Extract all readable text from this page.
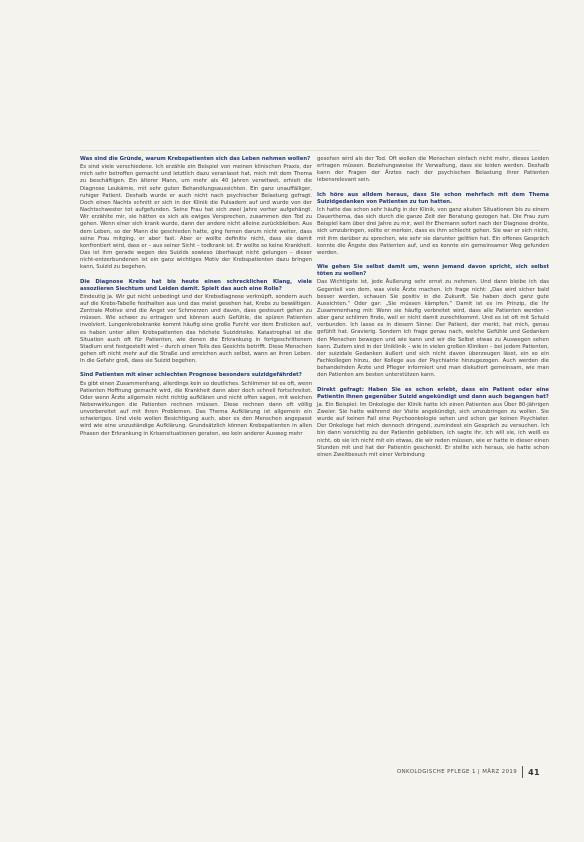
Was sind die Gründe, warum Krebspatienten sich das Leben nehmen wollen?
Es sind viele verschiedene. Ich erzähle ein Beispiel von meinen klinischen Praxis, der mich sehr betroffen gemacht und letztlich dazu veranlasst hat, mich mit dem Thema zu beschäftigen. Ein älterer Mann, um mehr als 40 Jahren verwitwet, erhielt die Diagnose Leukämie, mit sehr guten Behandlungsaussichten. Ein ganz unauffälliger, ruhiger Patient. Deshalb wurde er auch nicht nach psychischer Belastung gefragt. Doch einen Nachts schnitt er sich in der Klinik die Pulsadern auf und wurde von der Nachtschwester tot aufgefunden. Seine Frau hat sich zwei Jahre vorher aufgehängt. Wir erzählte mir, sie hätten es sich als ewiges Versprechen, zusammen den Tod zu gehen. Wenn einer sich krank wurde, dann der andere nicht alleine zurückbleiben. Aus dem Leben, so der Mann die geschieden hatte, ging fernen darum nicht weiter, dass seine Frau mitging, er aber fast. Aber er wollte definitiv nicht, dass sie damit konfrontiert wird, dass er – aus seiner Sicht – todkrank ist. Er wollte so keine Krankheit. Das ist ihm gerade wegen des Suizids sowieso überhaupt nicht gelungen – dieser nicht-entzerbundenen ist ein ganz wichtiges Motiv der Krebspatienten dazu bringen kann, Suizid zu begehen.
Die Diagnose Krebs hat bis heute einen schrecklichen Klang, viele assoziieren Siechtum und Leiden damit. Spielt das auch eine Rolle?
Eindeutig ja. Wir gut nicht unbedingt und der Krebsdiagnose verknüpft, sondern auch auf die Krebs-Tabelle festhalten aus und das meist gesehen hat, Krebs zu bewältigen. Zentrale Motive sind die Angst vor Schmerzen und davon, dass gesteuert gehen zu müssen. Wie schwer zu ertragen und können auch Gefühle, die spüren Patienten involviert. Lungenkrebskranke kommt häufig eine große Furcht vor dem Ersticken auf, es haben unter allen Krebspatienten das höchste Suizidrisiko. Katastrophal ist die Situation auch oft für Patienten, wie denen die Erkrankung in fortgeschrittenem Stadium erst festgestellt wird – durch einen Teils des Gesichts betrifft. Diese Menschen gehen oft nicht mehr auf die Straße und erreichen auch selbst, wann an ihren Leben. In die Gefahr groß, dass sie Suizid begehen.
Sind Patienten mit einer schlechten Prognose besonders suizidgefährdet?
Es gibt einen Zusammenhang, allerdings kein so deutliches. Schlimmer ist es oft, wenn Patienten Hoffnung gemacht wird, die Krankheit dann aber doch schnell fortschreitet. Oder wenn Ärzte allgemein nicht richtig aufklären und nicht offen sagen, mit welchen Nebenwirkungen die Patienten rechnen müssen. Diese rechnen dann oft völlig unvorbereitet auf mit ihren Problemen. Das Thema Aufklärung ist allgemein ein schwieriges. Und viele wollen Besichtigung auch, aber es den Menschen angepasst wird wie eine unzuständige Aufklärung. Grundsätzlich können Krebspatienten in allen Phasen der Erkrankung in Krisensituationen geraten, wo kein anderer Ausweg mehr
gesehen wird als der Tod. Oft wollen die Menschen einfach nicht mehr, dieses Leiden ertragen müssen. Beziehungsweise ihr Verwaltung, dass sie leiden werden. Deshalb kann der Fragen der Ärztes nach der psychischen Belastung ihrer Patienten lebensrelevant sein.
Ich höre aus alldem heraus, dass Sie schon mehrfach mit dem Thema Suizidgedanken von Patienten zu tun hatten.
Ich hatte das schon sehr häufig in der Klinik, von ganz akuten Situationen bis zu einem Dauerthema, das sich durch die ganze Zeit der Beratung gezogen hat. Die Frau zum Beispiel kam über drei Jahre zu mir, weil ihr Ehemann sofort nach der Diagnose drohte, sich umzubringen, sollte er merken, dass es ihm schlecht gehen. Sie war er sich nicht, mit ihm darüber zu sprechen, wie sehr sie darunter gelitten hat. Ein offenes Gespräch konnte die Ängste des Patienten auf, und es konnte ein gemeinsamer Weg gefunden werden.
Wie gehen Sie selbst damit um, wenn jemand davon spricht, sich selbst töten zu wollen?
Das Wichtigste ist, jede Äußerung sehr ernst zu nehmen. Und dann bleibe ich das Gegenteil von dem, was viele Ärzte machen. Ich frage nicht: „Das wird sicher bald besser werden, schauen Sie positiv in die Zukunft. Sie haben doch ganz gute Aussichten.“ Oder gar: „Sie müssen kämpfen.“ Damit ist es im Prinzip, die Ihr Zusammenhang mit: Wenn sie häufig verbreitet wird, dass alle Patienten werden – aber ganz schlimm finde, weil er nicht damit zurechtkommt. Und es ist oft mit Schuld verbunden. Ich lasse es in diesem Sinne: Der Patient, der merkt, hat mich, genau gefühlt hat. Gravierig. Sondern ich frage genau nach, welche Gefühle und Gedanken den Menschen bewegen und wie kann und wir die Selbst etwas zu Auswegen sehen kann. Zudem sind in der Uniklinik – wie in vielen großen Kliniken – bei jedem Patienten, der suizidale Gedanken äußert und sich nicht davon überzeugen lässt, ein so ein Fachkollegen hinzu, der Kollege aus der Psychiatrie hinzugezogen. Auch werden die behandelnden Ärzte und Pfleger informiert und man diskutiert gemeinsam, wie man den Patienten am besten unterstützen kann.
Direkt gefragt: Haben Sie es schon erlebt, dass ein Patient oder eine Patientin Ihnen gegenüber Suizid angekündigt und dann auch begangen hat?
Ja. Ein Beispiel: Im Onkologie der Klinik hatte ich einen Patienten aus Über 80-jährigen Zweier. Sie hatte während der Visite angekündigt, sich umzubringen zu wollen. Sie wurde auf keinen Fall eine Psychoonkologie sehen und schon gar keinen Psychiater. Der Onkologe hat mich dennoch dringend, zumindest ein Gespräch zu versuchen. Ich bin dann vorsichtig zu der Patientin geblieben, ich sagte ihr, ich will sie, ich weiß es nicht, ob sie ich nicht mit ein etwas, die wir reden müssen, wie er hatte in dieser einen Stunden mit und hat der Patientin geschenkt. Er stellte sich heraus, sie hatte schon einen Zweitbesuch mit einer Verbindung
ONKOLOGISCHE PFLEGE 1 | MÄRZ 2019 41
